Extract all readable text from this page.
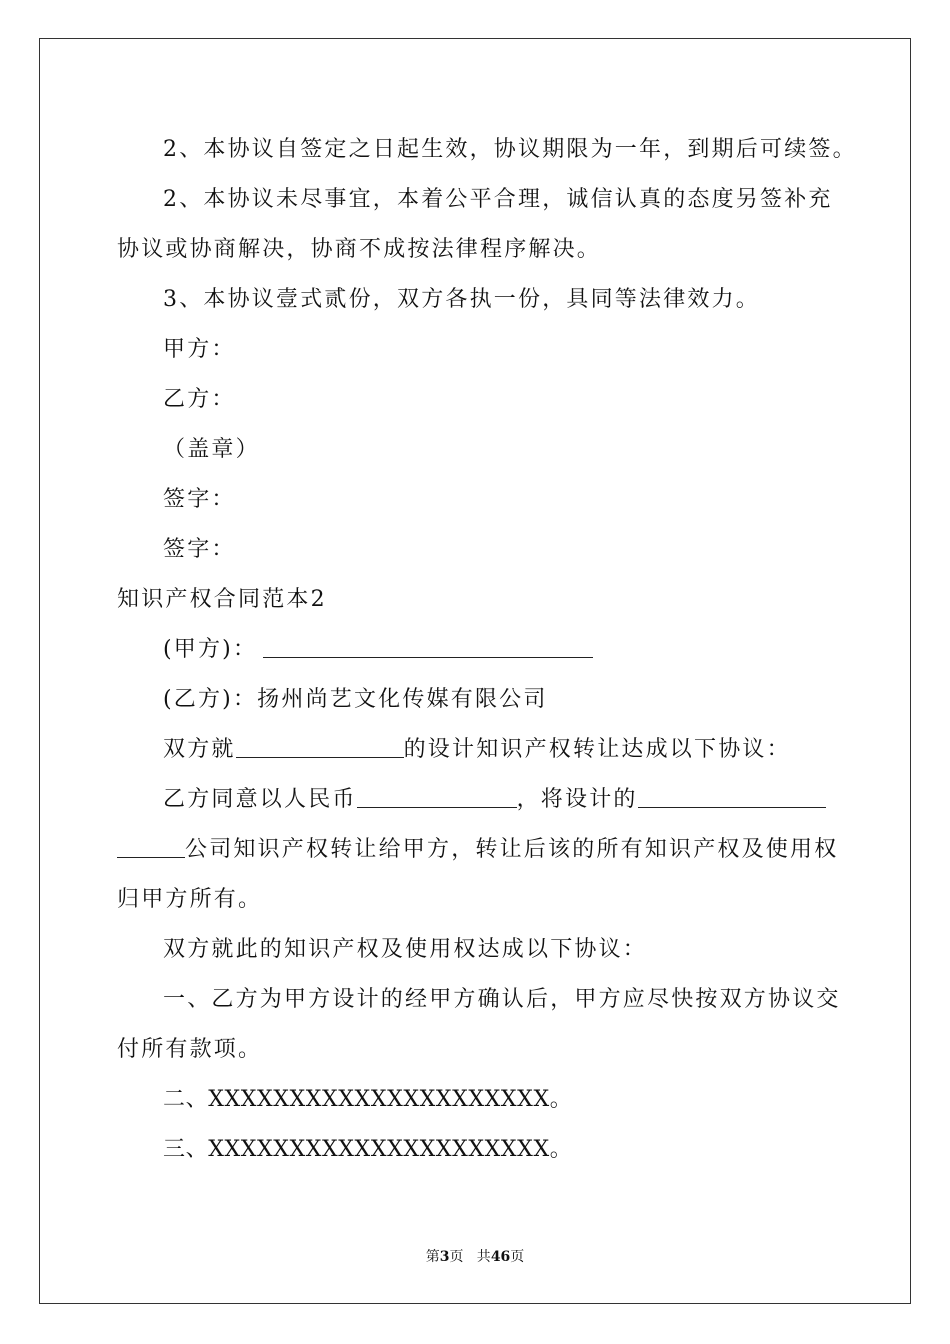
2、本协议自签定之日起生效，协议期限为一年，到期后可续签。
2、本协议未尽事宜，本着公平合理，诚信认真的态度另签补充
协议或协商解决，协商不成按法律程序解决。
3、本协议壹式贰份，双方各执一份，具同等法律效力。
甲方：
乙方：
（盖章）
签字：
签字：
知识产权合同范本2
(甲方)：
(乙方)：扬州尚艺文化传媒有限公司
双方就	的设计知识产权转让达成以下协议：
乙方同意以人民币	，将设计的
公司知识产权转让给甲方，转让后该的所有知识产权及使用权
归甲方所有。
双方就此的知识产权及使用权达成以下协议：
一、乙方为甲方设计的经甲方确认后，甲方应尽快按双方协议交
付所有款项。
二、XXXXXXXXXXXXXXXXXXXXX。
三、XXXXXXXXXXXXXXXXXXXXX。
第3页   共46页
